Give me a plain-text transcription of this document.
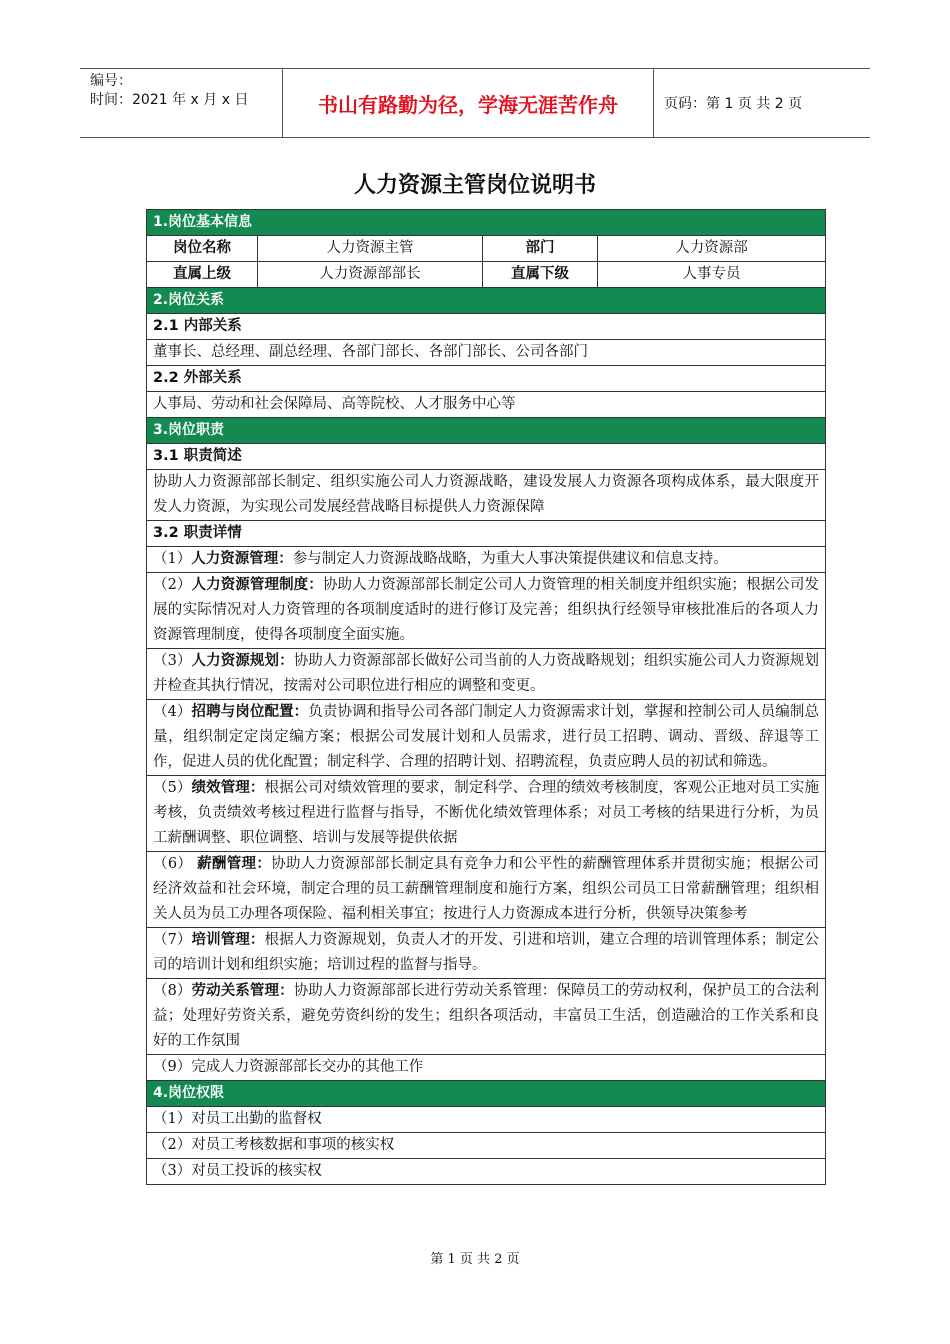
编号：
时间：2021 年 x 月 x 日	书山有路勤为径，学海无涯苦作舟	页码：第 1 页 共 2 页
人力资源主管岗位说明书
1.岗位基本信息			
岗位名称	人力资源主管	部门	人力资源部
直属上级	人力资源部部长	直属下级	人事专员
2.岗位关系			
2.1 内部关系			
董事长、总经理、副总经理、各部门部长、各部门部长、公司各部门			
2.2 外部关系			
人事局、劳动和社会保障局、高等院校、人才服务中心等			
3.岗位职责			
3.1 职责简述			
协助人力资源部部长制定、组织实施公司人力资源战略，建设发展人力资源各项构成体系，最大限度开发人力资源，为实现公司发展经营战略目标提供人力资源保障			
3.2 职责详情			
（1）人力资源管理：参与制定人力资源战略战略，为重大人事决策提供建议和信息支持。			
（2）人力资源管理制度：协助人力资源部部长制定公司人力资管理的相关制度并组织实施；根据公司发展的实际情况对人力资管理的各项制度适时的进行修订及完善；组织执行经领导审核批准后的各项人力资源管理制度，使得各项制度全面实施。			
（3）人力资源规划：协助人力资源部部长做好公司当前的人力资战略规划；组织实施公司人力资源规划并检查其执行情况，按需对公司职位进行相应的调整和变更。			
（4）招聘与岗位配置：负责协调和指导公司各部门制定人力资源需求计划，掌握和控制公司人员编制总量，组织制定定岗定编方案；根据公司发展计划和人员需求，进行员工招聘、调动、晋级、辞退等工作，促进人员的优化配置；制定科学、合理的招聘计划、招聘流程，负责应聘人员的初试和筛选。			
（5）绩效管理：根据公司对绩效管理的要求，制定科学、合理的绩效考核制度，客观公正地对员工实施考核，负责绩效考核过程进行监督与指导，不断优化绩效管理体系；对员工考核的结果进行分析，为员工薪酬调整、职位调整、培训与发展等提供依据			
（6） 薪酬管理：协助人力资源部部长制定具有竞争力和公平性的薪酬管理体系并贯彻实施；根据公司经济效益和社会环境，制定合理的员工薪酬管理制度和施行方案，组织公司员工日常薪酬管理；组织相关人员为员工办理各项保险、福利相关事宜；按进行人力资源成本进行分析，供领导决策参考			
（7）培训管理：根据人力资源规划，负责人才的开发、引进和培训，建立合理的培训管理体系；制定公司的培训计划和组织实施；培训过程的监督与指导。			
（8）劳动关系管理：协助人力资源部部长进行劳动关系管理：保障员工的劳动权利，保护员工的合法利益；处理好劳资关系，避免劳资纠纷的发生；组织各项活动，丰富员工生活，创造融洽的工作关系和良好的工作氛围			
（9）完成人力资源部部长交办的其他工作			
4.岗位权限			
（1）对员工出勤的监督权			
（2）对员工考核数据和事项的核实权			
（3）对员工投诉的核实权			
第 1 页 共 2 页
